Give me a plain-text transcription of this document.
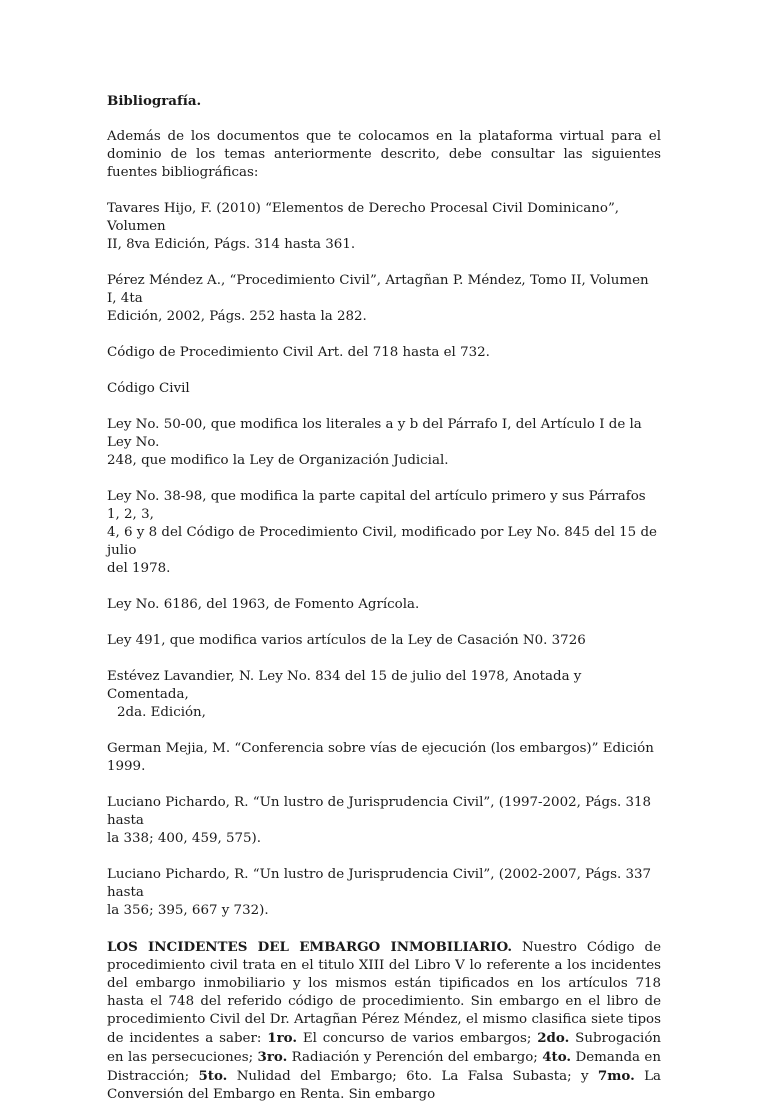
Bibliografía.

Además de los documentos que te colocamos en la plataforma virtual para el dominio de los temas anteriormente descrito, debe consultar las siguientes fuentes bibliográficas:

Tavares Hijo, F. (2010) “Elementos de Derecho Procesal Civil Dominicano”, Volumen
II, 8va Edición, Págs. 314 hasta 361.
Pérez Méndez A., “Procedimiento Civil”, Artagñan P. Méndez, Tomo II, Volumen I, 4ta
Edición, 2002, Págs. 252 hasta la 282.
Código de Procedimiento Civil Art. del 718 hasta el 732.
Código Civil
Ley No. 50-00, que modifica los literales a y b del Párrafo I, del Artículo I de la Ley No.
248, que modifico la Ley de Organización Judicial.
Ley No. 38-98, que modifica la parte capital del artículo primero y sus Párrafos 1, 2, 3,
4, 6 y 8 del Código de Procedimiento Civil, modificado por Ley No. 845 del 15 de julio
del 1978.
Ley No. 6186, del 1963, de Fomento Agrícola.
Ley 491, que modifica varios artículos de la Ley de Casación N0. 3726
Estévez Lavandier, N. Ley No. 834 del 15 de julio del 1978, Anotada y Comentada,
2da. Edición,
German Mejia, M. “Conferencia sobre vías de ejecución (los embargos)” Edición 1999.
Luciano Pichardo, R. “Un lustro de Jurisprudencia Civil”, (1997-2002, Págs. 318 hasta
la 338; 400, 459, 575).
Luciano Pichardo, R. “Un lustro de Jurisprudencia Civil”, (2002-2007, Págs. 337 hasta
la 356; 395, 667 y 732).

LOS INCIDENTES DEL EMBARGO INMOBILIARIO. Nuestro Código de procedimiento civil trata en el titulo XIII del Libro V lo referente a los incidentes del embargo inmobiliario y los mismos están tipificados en los artículos 718 hasta el 748 del referido código de procedimiento. Sin embargo en el libro de procedimiento Civil del Dr. Artagñan Pérez Méndez, el mismo clasifica siete tipos de incidentes a saber: 1ro. El concurso de varios embargos; 2do. Subrogación en las persecuciones; 3ro. Radiación y Perención del embargo; 4to. Demanda en Distracción; 5to. Nulidad del Embargo; 6to. La Falsa Subasta; y 7mo. La Conversión del Embargo en Renta. Sin embargo
